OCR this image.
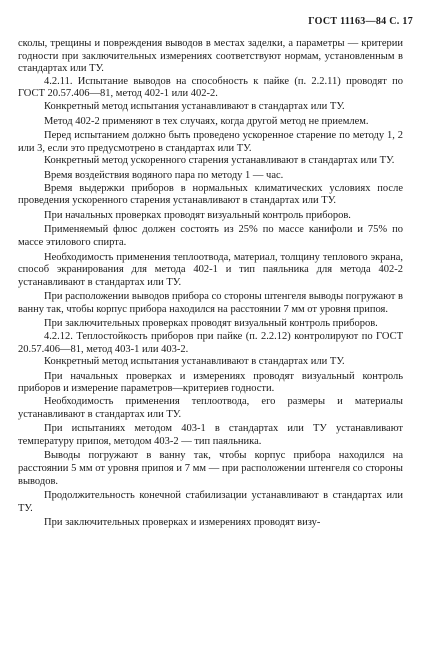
ГОСТ 11163—84 С. 17

сколы, трещины и повреждения выводов в местах заделки, а параметры — критерии годности при заключительных измерениях соответствуют нормам, установленным в стандартах или ТУ.

4.2.11. Испытание выводов на способность к пайке (п. 2.2.11) проводят по ГОСТ 20.57.406—81, метод 402-1 или 402-2.

Конкретный метод испытания устанавливают в стандартах или ТУ.

Метод 402-2 применяют в тех случаях, когда другой метод не приемлем.

Перед испытанием должно быть проведено ускоренное старение по методу 1, 2 или 3, если это предусмотрено в стандартах или ТУ.

Конкретный метод ускоренного старения устанавливают в стандартах или ТУ.

Время воздействия водяного пара по методу 1 — час.

Время выдержки приборов в нормальных климатических условиях после проведения ускоренного старения устанавливают в стандартах или ТУ.

При начальных проверках проводят визуальный контроль приборов.

Применяемый флюс должен состоять из 25% по массе канифоли и 75% по массе этилового спирта.

Необходимость применения теплоотвода, материал, толщину теплового экрана, способ экранирования для метода 402-1 и тип паяльника для метода 402-2 устанавливают в стандартах или ТУ.

При расположении выводов прибора со стороны штенгеля выводы погружают в ванну так, чтобы корпус прибора находился на расстоянии 7 мм от уровня припоя.

При заключительных проверках проводят визуальный контроль приборов.

4.2.12. Теплостойкость приборов при пайке (п. 2.2.12) контролируют по ГОСТ 20.57.406—81, метод 403-1 или 403-2.

Конкретный метод испытания устанавливают в стандартах или ТУ.

При начальных проверках и измерениях проводят визуальный контроль приборов и измерение параметров—критериев годности.

Необходимость применения теплоотвода, его размеры и материалы устанавливают в стандартах или ТУ.

При испытаниях методом 403-1 в стандартах или ТУ устанавливают температуру припоя, методом 403-2 — тип паяльника.

Выводы погружают в ванну так, чтобы корпус прибора находился на расстоянии 5 мм от уровня припоя и 7 мм — при расположении штенгеля со стороны выводов.

Продолжительность конечной стабилизации устанавливают в стандартах или ТУ.

При заключительных проверках и измерениях проводят визу-
